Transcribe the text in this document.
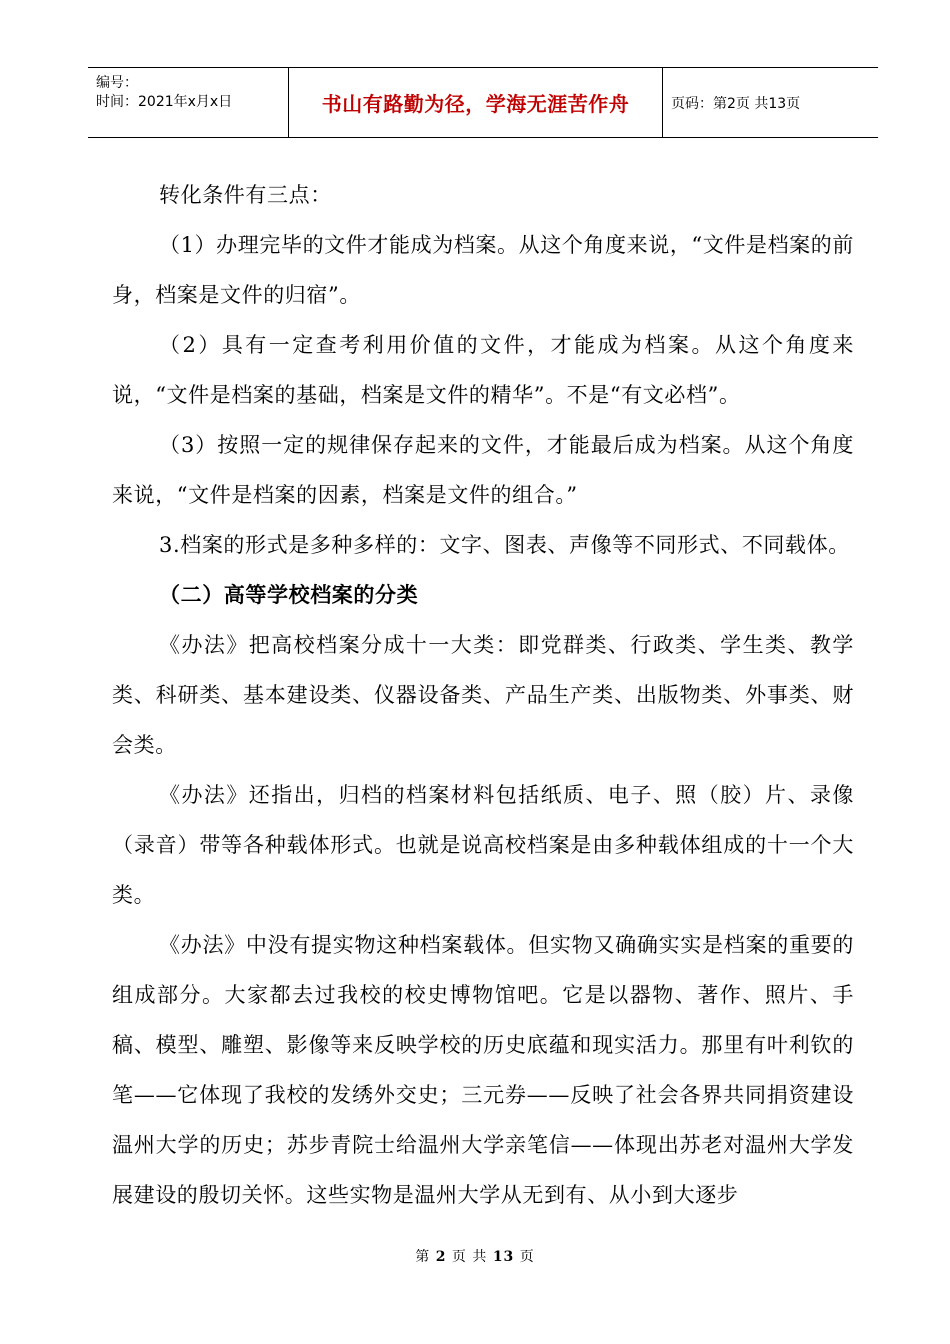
编号：
时间：2021年x月x日	书山有路勤为径，学海无涯苦作舟	页码：第2页 共13页

转化条件有三点：

（1）办理完毕的文件才能成为档案。从这个角度来说，“文件是档案的前身，档案是文件的归宿”。

（2）具有一定查考利用价值的文件，才能成为档案。从这个角度来说，“文件是档案的基础，档案是文件的精华”。不是“有文必档”。

（3）按照一定的规律保存起来的文件，才能最后成为档案。从这个角度来说，“文件是档案的因素，档案是文件的组合。”

3.档案的形式是多种多样的：文字、图表、声像等不同形式、不同载体。

（二）高等学校档案的分类

《办法》把高校档案分成十一大类：即党群类、行政类、学生类、教学类、科研类、基本建设类、仪器设备类、产品生产类、出版物类、外事类、财会类。

《办法》还指出，归档的档案材料包括纸质、电子、照（胶）片、录像（录音）带等各种载体形式。也就是说高校档案是由多种载体组成的十一个大类。

《办法》中没有提实物这种档案载体。但实物又确确实实是档案的重要的组成部分。大家都去过我校的校史博物馆吧。它是以器物、著作、照片、手稿、模型、雕塑、影像等来反映学校的历史底蕴和现实活力。那里有叶利钦的笔——它体现了我校的发绣外交史；三元券——反映了社会各界共同捐资建设温州大学的历史；苏步青院士给温州大学亲笔信——体现出苏老对温州大学发展建设的殷切关怀。这些实物是温州大学从无到有、从小到大逐步

第 2 页 共 13 页
